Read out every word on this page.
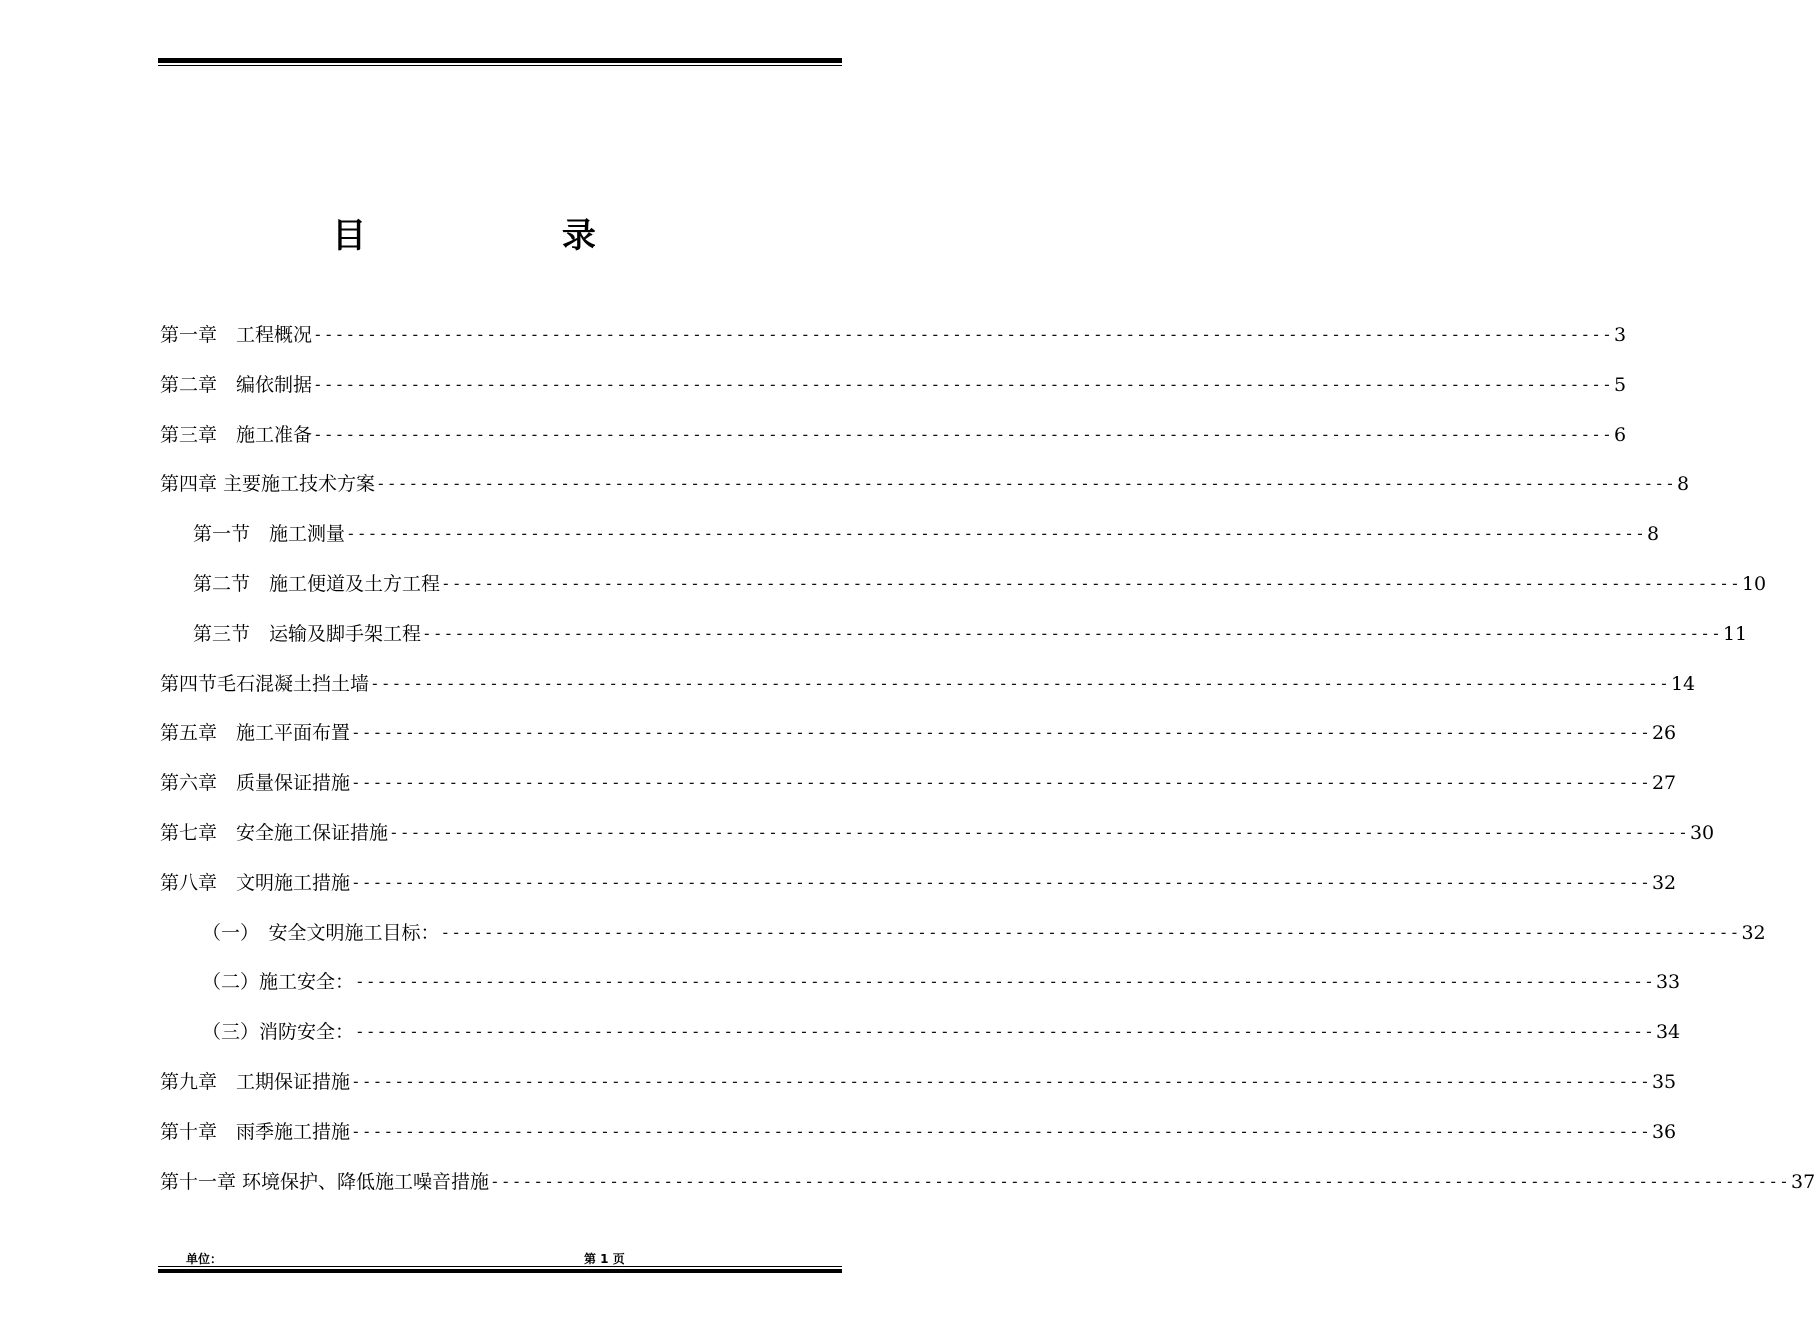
目 录
第一章　工程概况 ------------------------------------------------------------------------------------------------------------------------ 3
第二章　编依制据 ------------------------------------------------------------------------------------------------------------------------ 5
第三章　施工准备 ------------------------------------------------------------------------------------------------------------------------ 6
第四章 主要施工技术方案 ------------------------------------------------------------------------------------------------------------------------ 8
第一节　施工测量 ------------------------------------------------------------------------------------------------------------------------ 8
第二节　施工便道及土方工程 ------------------------------------------------------------------------------------------------------------------------ 10
第三节　运输及脚手架工程 ------------------------------------------------------------------------------------------------------------------------ 11
第四节毛石混凝土挡土墙 ------------------------------------------------------------------------------------------------------------------------ 14
第五章　施工平面布置 ------------------------------------------------------------------------------------------------------------------------ 26
第六章　质量保证措施 ------------------------------------------------------------------------------------------------------------------------ 27
第七章　安全施工保证措施 ------------------------------------------------------------------------------------------------------------------------ 30
第八章　文明施工措施 ------------------------------------------------------------------------------------------------------------------------ 32
（一）　安全文明施工目标： ------------------------------------------------------------------------------------------------------------------------ 32
（二）施工安全： ------------------------------------------------------------------------------------------------------------------------ 33
（三）消防安全： ------------------------------------------------------------------------------------------------------------------------ 34
第九章　工期保证措施 ------------------------------------------------------------------------------------------------------------------------ 35
第十章　雨季施工措施 ------------------------------------------------------------------------------------------------------------------------ 36
第十一章 环境保护、降低施工噪音措施 ------------------------------------------------------------------------------------------------------------------------ 37
单位：	第 1 页
